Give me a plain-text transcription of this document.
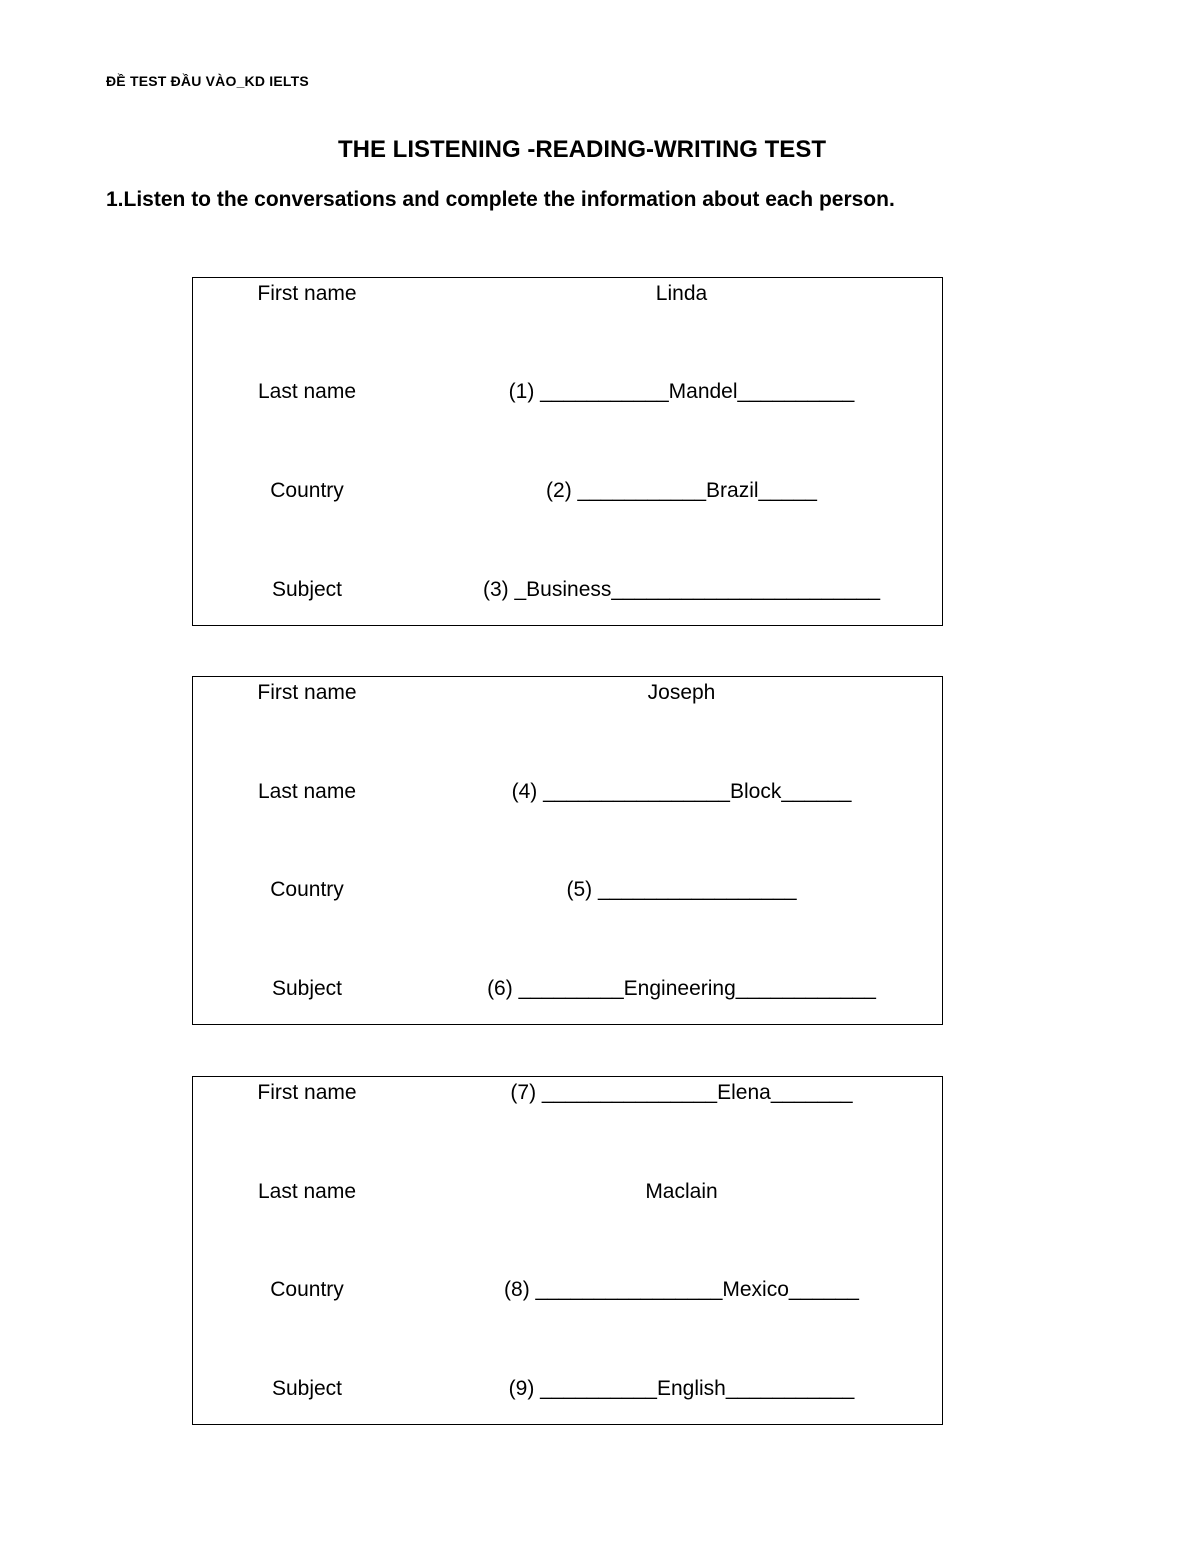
ĐỀ TEST ĐẦU VÀO_KD IELTS
THE LISTENING -READING-WRITING TEST
1.Listen to the conversations and complete the information about each person.
First name	Linda
Last name	(1) ___________Mandel__________
Country	(2) ___________Brazil_____
Subject	(3) _Business_______________________
First name	Joseph
Last name	(4) ________________Block______
Country	(5) _________________
Subject	(6) _________Engineering____________
First name	(7) _______________Elena_______
Last name	Maclain
Country	(8) ________________Mexico______
Subject	(9) __________English___________
